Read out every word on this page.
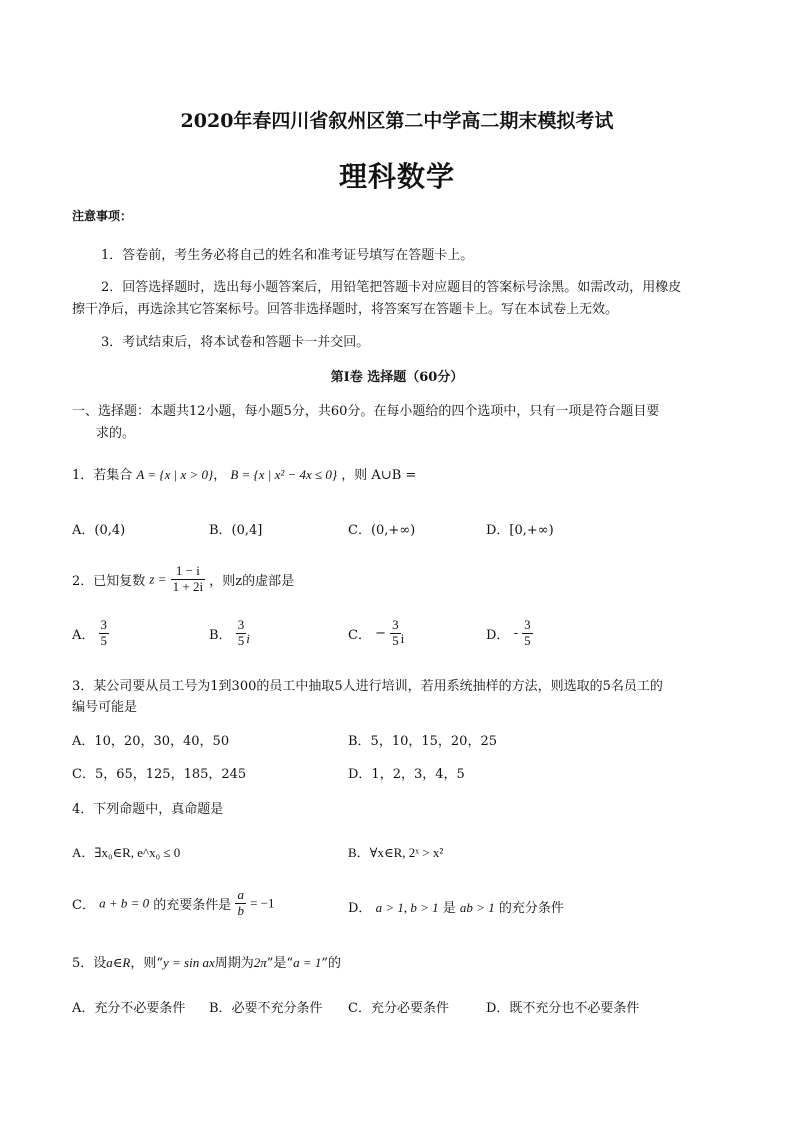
2020年春四川省叙州区第二中学高二期末模拟考试
理科数学
注意事项：
1．答卷前，考生务必将自己的姓名和准考证号填写在答题卡上。
2．回答选择题时，选出每小题答案后，用铅笔把答题卡对应题目的答案标号涂黑。如需改动，用橡皮
擦干净后，再选涂其它答案标号。回答非选择题时，将答案写在答题卡上。写在本试卷上无效。
3．考试结束后，将本试卷和答题卡一并交回。
第Ⅰ卷 选择题（60分）
一、选择题：本题共12小题，每小题5分，共60分。在每小题给的四个选项中，只有一项是符合题目要
求的。
1．若集合 A = {x | x > 0}， B = {x | x² − 4x ≤ 0} ，则 A∪B =
A．(0,4)	B．(0,4]	C．(0,+∞)	D．[0,+∞)
2．已知复数 $z = \frac{1 - i}{1 + 2i}$ ，则z的虚部是
A． $\frac{3}{5}$	B． $\frac{3}{5}$ i	C． − $\frac{3}{5}$ i	D． - $\frac{3}{5}$
3．某公司要从员工号为1到300的员工中抽取5人进行培训，若用系统抽样的方法，则选取的5名员工的
编号可能是
A．10，20，30，40，50	B．5，10，15，20，25
C．5，65，125，185，245	D．1，2，3，4，5
4．下列命题中，真命题是
A．∃x₀∈R, e^x₀ ≤ 0	B．∀x∈R, 2ˣ > x²
C． a + b = 0 的充要条件是 $\frac{a}{b} = -1$	D． a > 1, b > 1 是 ab > 1 的充分条件
5．设a∈R，则“y = sin ax周期为2π”是“a = 1”的
A．充分不必要条件 B．必要不充分条件 C．充分必要条件	D．既不充分也不必要条件
